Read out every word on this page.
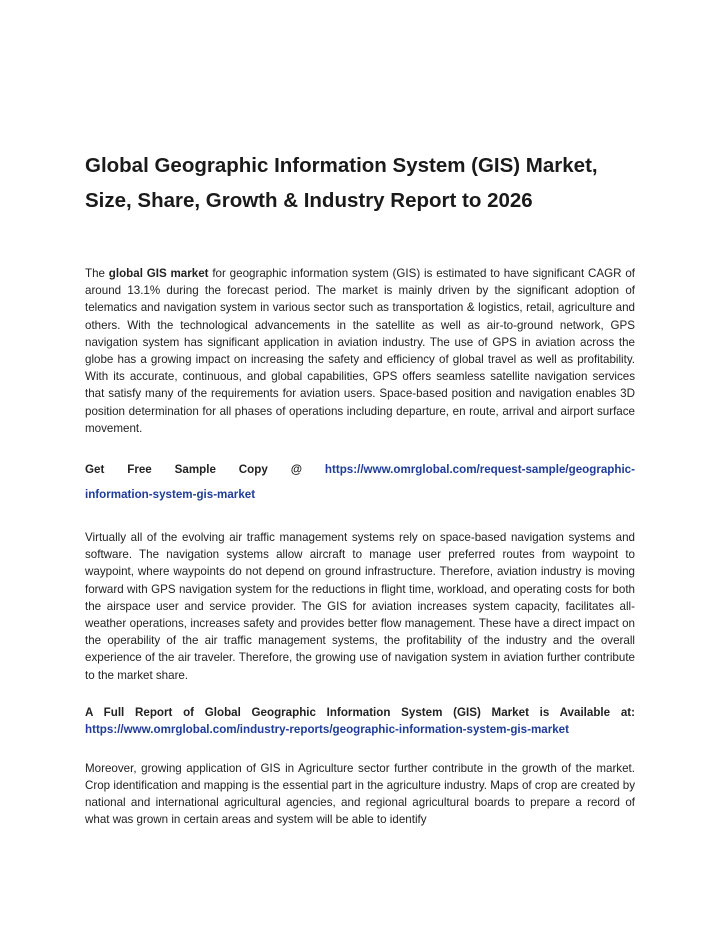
Global Geographic Information System (GIS) Market,
Size, Share, Growth & Industry Report to 2026

The global GIS market for geographic information system (GIS) is estimated to have significant CAGR of around 13.1% during the forecast period. The market is mainly driven by the significant adoption of telematics and navigation system in various sector such as transportation & logistics, retail, agriculture and others. With the technological advancements in the satellite as well as air-to-ground network, GPS navigation system has significant application in aviation industry. The use of GPS in aviation across the globe has a growing impact on increasing the safety and efficiency of global travel as well as profitability. With its accurate, continuous, and global capabilities, GPS offers seamless satellite navigation services that satisfy many of the requirements for aviation users. Space-based position and navigation enables 3D position determination for all phases of operations including departure, en route, arrival and airport surface movement.

Get Free Sample Copy @ https://www.omrglobal.com/request-sample/geographic-information-system-gis-market

Virtually all of the evolving air traffic management systems rely on space-based navigation systems and software. The navigation systems allow aircraft to manage user preferred routes from waypoint to waypoint, where waypoints do not depend on ground infrastructure. Therefore, aviation industry is moving forward with GPS navigation system for the reductions in flight time, workload, and operating costs for both the airspace user and service provider. The GIS for aviation increases system capacity, facilitates all-weather operations, increases safety and provides better flow management. These have a direct impact on the operability of the air traffic management systems, the profitability of the industry and the overall experience of the air traveler. Therefore, the growing use of navigation system in aviation further contribute to the market share.

A Full Report of Global Geographic Information System (GIS) Market is Available at: https://www.omrglobal.com/industry-reports/geographic-information-system-gis-market

Moreover, growing application of GIS in Agriculture sector further contribute in the growth of the market. Crop identification and mapping is the essential part in the agriculture industry. Maps of crop are created by national and international agricultural agencies, and regional agricultural boards to prepare a record of what was grown in certain areas and system will be able to identify
